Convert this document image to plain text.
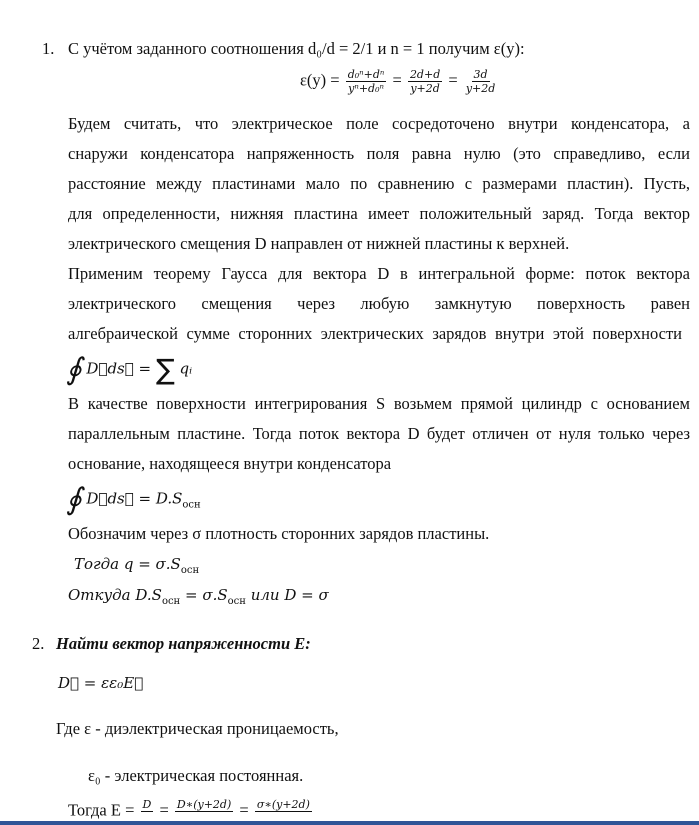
1. С учётом заданного соотношения d₀/d = 2/1 и n = 1 получим ε(y):
$\varepsilon(y) = \frac{\text{d₀ⁿ+dⁿ}}{\text{yⁿ+d₀ⁿ}} = \frac{2d+d}{y+2d} = \frac{3d}{y+2d}$
Будем считать, что электрическое поле сосредоточено внутри конденсатора, а
снаружи конденсатора напряженность поля равна нулю (это справедливо, если
расстояние между пластинами мало по сравнению с размерами пластин). Пусть,
для определенности, нижняя пластина имеет положительный заряд. Тогда вектор
электрического смещения D направлен от нижней пластины к верхней.
Применим теорему Гаусса для вектора D в интегральной форме: поток вектора
электрического смещения через любую замкнутую поверхность равен
алгебраической сумме сторонних электрических зарядов внутри этой поверхности
∮ D⃗ds⃗ = ∑ qᵢ
В качестве поверхности интегрирования S возьмем прямой цилиндр с основанием
параллельным пластине. Тогда поток вектора D будет отличен от нуля только через
основание, находящееся внутри конденсатора
∮ D⃗ds⃗ = $D.S_{осн}$
Обозначим через σ плотность сторонних зарядов пластины.
Тогда $q = \sigma.S_{осн}$
Откуда $D.S_{осн} = \sigma.S_{осн}$ или D = σ
2. Найти вектор напряженности E:
D⃗ = εε₀E⃗
Где ε - диэлектрическая проницаемость,
ε₀ - электрическая постоянная.
Тогда E = D
= D∗(y+2d)
= σ∗(y+2d)
